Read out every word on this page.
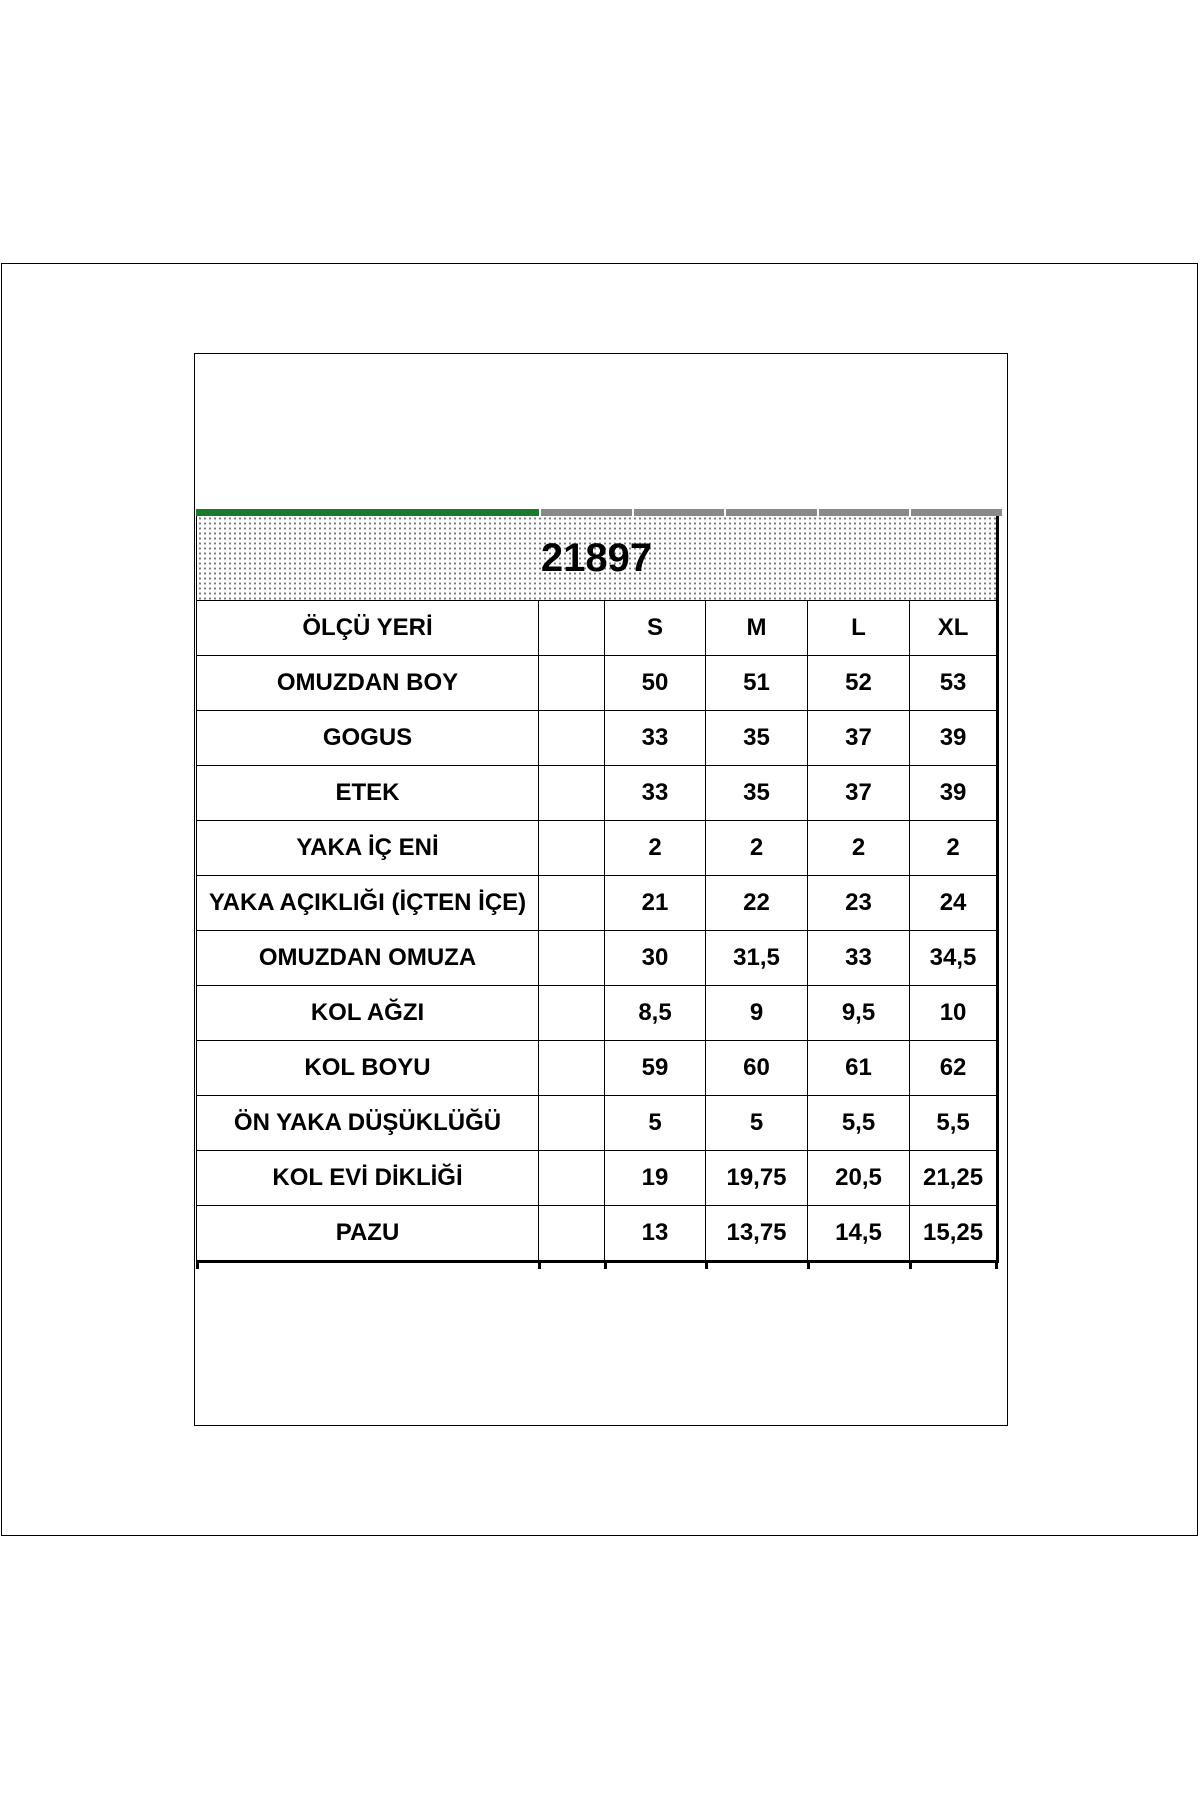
21897					
ÖLÇÜ YERİ		S	M	L	XL
OMUZDAN BOY		50	51	52	53
GOGUS		33	35	37	39
ETEK		33	35	37	39
YAKA İÇ ENİ		2	2	2	2
YAKA AÇIKLIĞI (İÇTEN İÇE)		21	22	23	24
OMUZDAN OMUZA		30	31,5	33	34,5
KOL AĞZI		8,5	9	9,5	10
KOL BOYU		59	60	61	62
ÖN YAKA DÜŞÜKLÜĞÜ		5	5	5,5	5,5
KOL EVİ DİKLİĞİ		19	19,75	20,5	21,25
PAZU		13	13,75	14,5	15,25
